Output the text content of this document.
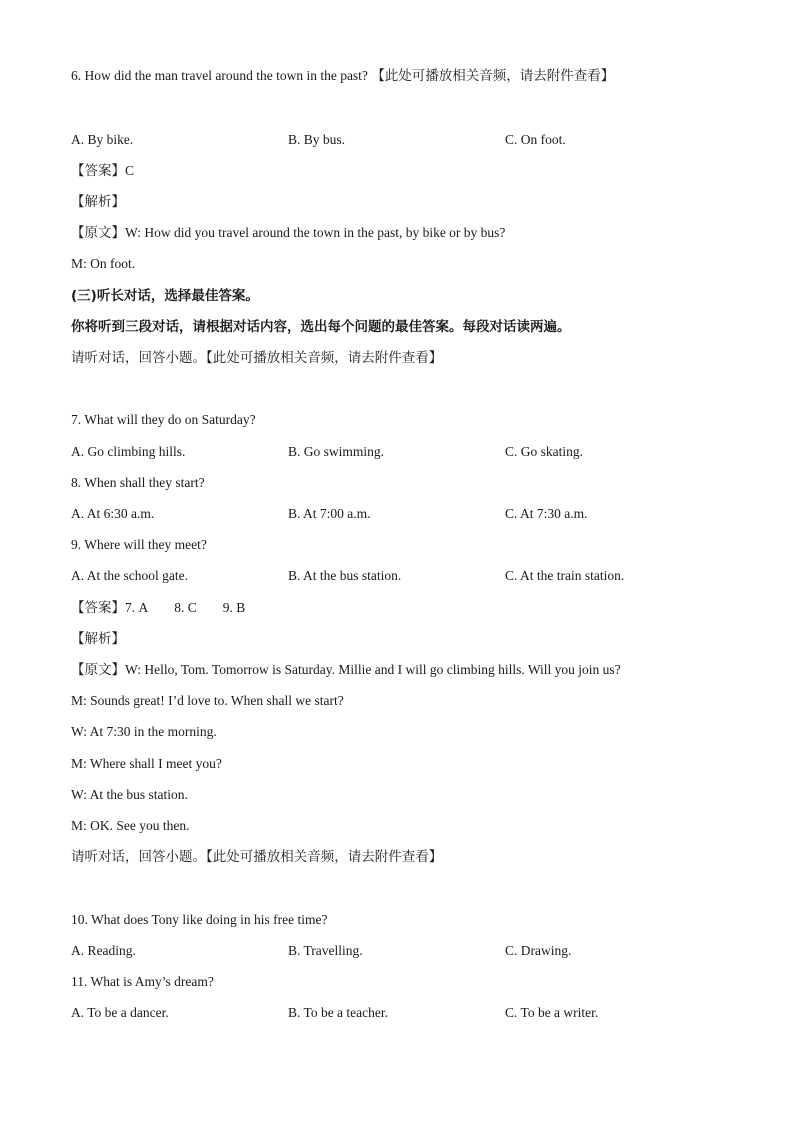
6. How did the man travel around the town in the past? 【此处可播放相关音频，请去附件查看】
A. By bike.	B. By bus.	C. On foot.
【答案】C
【解析】
【原文】W: How did you travel around the town in the past, by bike or by bus?
M: On foot.
(三)听长对话，选择最佳答案。
你将听到三段对话，请根据对话内容，选出每个问题的最佳答案。每段对话读两遍。
请听对话，回答小题。【此处可播放相关音频，请去附件查看】
7. What will they do on Saturday?
A. Go climbing hills.	B. Go swimming.	C. Go skating.
8. When shall they start?
A. At 6:30 a.m.	B. At 7:00 a.m.	C. At 7:30 a.m.
9. Where will they meet?
A. At the school gate.	B. At the bus station.	C. At the train station.
【答案】7. A 8. C 9. B
【解析】
【原文】W: Hello, Tom. Tomorrow is Saturday. Millie and I will go climbing hills. Will you join us?
M: Sounds great! I’d love to. When shall we start?
W: At 7:30 in the morning.
M: Where shall I meet you?
W: At the bus station.
M: OK. See you then.
请听对话，回答小题。【此处可播放相关音频，请去附件查看】
10. What does Tony like doing in his free time?
A. Reading.	B. Travelling.	C. Drawing.
11. What is Amy’s dream?
A. To be a dancer.	B. To be a teacher.	C. To be a writer.
